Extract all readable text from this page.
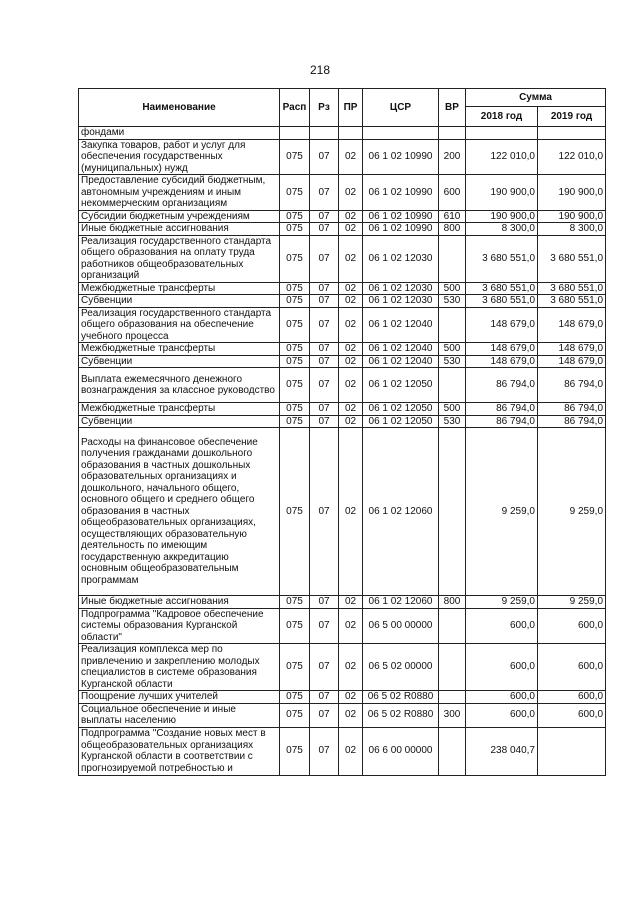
218
Наименование	Расп	Рз	ПР	ЦСР	ВР	Сумма	
						2018 год	2019 год
фондами							
Закупка товаров, работ и услуг для обеспечения государственных (муниципальных) нужд	075	07	02	06 1 02 10990	200	122 010,0	122 010,0
Предоставление субсидий бюджетным, автономным учреждениям и иным некоммерческим организациям	075	07	02	06 1 02 10990	600	190 900,0	190 900,0
Субсидии бюджетным учреждениям	075	07	02	06 1 02 10990	610	190 900,0	190 900,0
Иные бюджетные ассигнования	075	07	02	06 1 02 10990	800	8 300,0	8 300,0
Реализация государственного стандарта общего образования на оплату труда работников общеобразовательных организаций	075	07	02	06 1 02 12030		3 680 551,0	3 680 551,0
Межбюджетные трансферты	075	07	02	06 1 02 12030	500	3 680 551,0	3 680 551,0
Субвенции	075	07	02	06 1 02 12030	530	3 680 551,0	3 680 551,0
Реализация государственного стандарта общего образования на обеспечение учебного процесса	075	07	02	06 1 02 12040		148 679,0	148 679,0
Межбюджетные трансферты	075	07	02	06 1 02 12040	500	148 679,0	148 679,0
Субвенции	075	07	02	06 1 02 12040	530	148 679,0	148 679,0
Выплата ежемесячного денежного вознаграждения за классное руководство	075	07	02	06 1 02 12050		86 794,0	86 794,0
Межбюджетные трансферты	075	07	02	06 1 02 12050	500	86 794,0	86 794,0
Субвенции	075	07	02	06 1 02 12050	530	86 794,0	86 794,0
Расходы на финансовое обеспечение получения гражданами дошкольного образования в частных дошкольных образовательных организациях и дошкольного, начального общего, основного общего и среднего общего образования в частных общеобразовательных организациях, осуществляющих образовательную деятельность по имеющим государственную аккредитацию основным общеобразовательным программам	075	07	02	06 1 02 12060		9 259,0	9 259,0
Иные бюджетные ассигнования	075	07	02	06 1 02 12060	800	9 259,0	9 259,0
Подпрограмма "Кадровое обеспечение системы образования Курганской области"	075	07	02	06 5 00 00000		600,0	600,0
Реализация комплекса мер по привлечению и закреплению молодых специалистов в системе образования Курганской области	075	07	02	06 5 02 00000		600,0	600,0
Поощрение лучших учителей	075	07	02	06 5 02 R0880		600,0	600,0
Социальное обеспечение и иные выплаты населению	075	07	02	06 5 02 R0880	300	600,0	600,0
Подпрограмма "Создание новых мест в общеобразовательных организациях Курганской области в соответствии с прогнозируемой потребностью и	075	07	02	06 6 00 00000		238 040,7	
